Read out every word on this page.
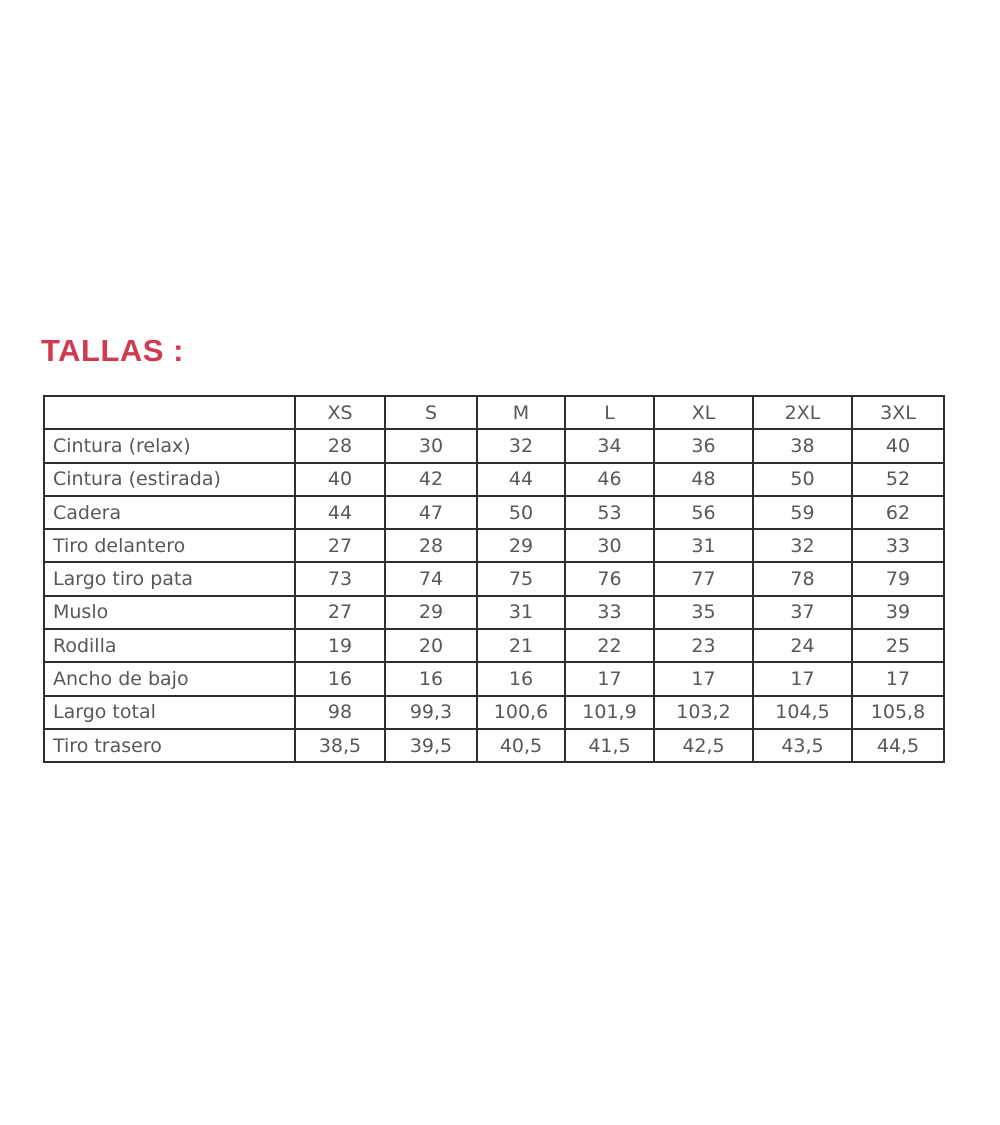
TALLAS :
	XS	S	M	L	XL	2XL	3XL
Cintura (relax)	28	30	32	34	36	38	40
Cintura (estirada)	40	42	44	46	48	50	52
Cadera	44	47	50	53	56	59	62
Tiro delantero	27	28	29	30	31	32	33
Largo tiro pata	73	74	75	76	77	78	79
Muslo	27	29	31	33	35	37	39
Rodilla	19	20	21	22	23	24	25
Ancho de bajo	16	16	16	17	17	17	17
Largo total	98	99,3	100,6	101,9	103,2	104,5	105,8
Tiro trasero	38,5	39,5	40,5	41,5	42,5	43,5	44,5
